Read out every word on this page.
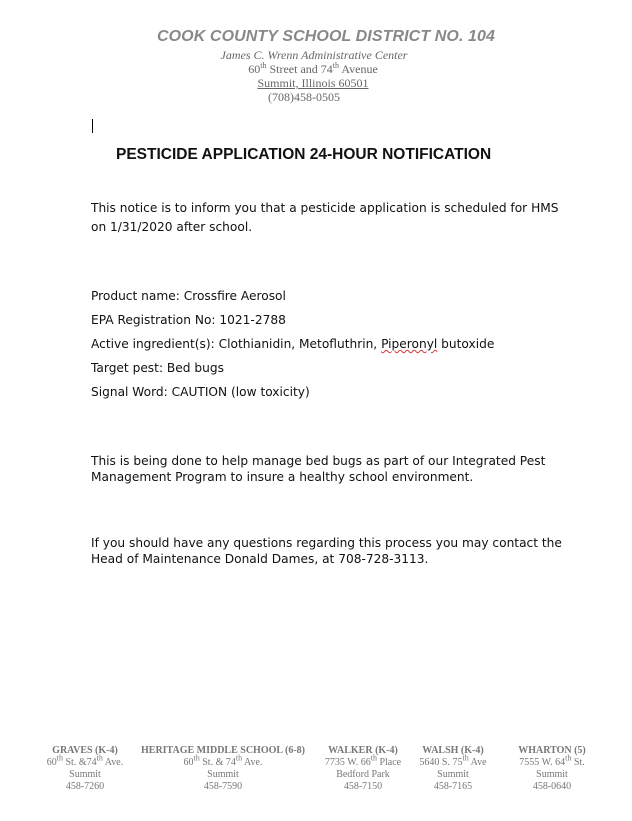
COOK COUNTY SCHOOL DISTRICT NO. 104
James C. Wrenn Administrative Center
60th Street and 74th Avenue
Summit, Illinois 60501
(708)458-0505
PESTICIDE APPLICATION 24-HOUR NOTIFICATION
This notice is to inform you that a pesticide application is scheduled for HMS on 1/31/2020 after school.
Product name: Crossfire Aerosol
EPA Registration No: 1021-2788
Active ingredient(s): Clothianidin, Metofluthrin, Piperonyl butoxide
Target pest: Bed bugs
Signal Word: CAUTION (low toxicity)
This is being done to help manage bed bugs as part of our Integrated Pest Management Program to insure a healthy school environment.
If you should have any questions regarding this process you may contact the Head of Maintenance Donald Dames, at 708-728-3113.
GRAVES (K-4)
60th St. &74th Ave.
Summit
458-7260
HERITAGE MIDDLE SCHOOL (6-8)
60th St. & 74th Ave.
Summit
458-7590
WALKER (K-4)
7735 W. 66th Place
Bedford Park
458-7150
WALSH (K-4)
5640 S. 75th Ave
Summit
458-7165
WHARTON (5)
7555 W. 64th St.
Summit
458-0640
